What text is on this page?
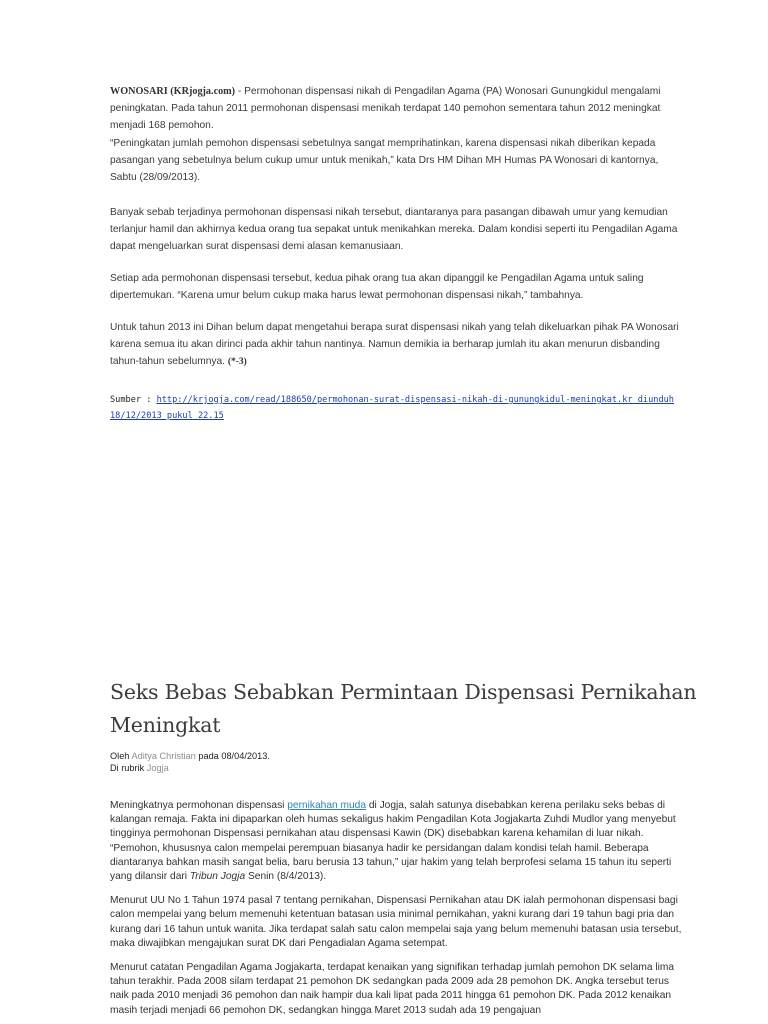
WONOSARI (KRjogja.com) - Permohonan dispensasi nikah di Pengadilan Agama (PA) Wonosari Gunungkidul mengalami peningkatan. Pada tahun 2011 permohonan dispensasi menikah terdapat 140 pemohon sementara tahun 2012 meningkat menjadi 168 pemohon.

“Peningkatan jumlah pemohon dispensasi sebetulnya sangat memprihatinkan, karena dispensasi nikah diberikan kepada pasangan yang sebetulnya belum cukup umur untuk menikah,” kata Drs HM Dihan MH Humas PA Wonosari di kantornya, Sabtu (28/09/2013).

Banyak sebab terjadinya permohonan dispensasi nikah tersebut, diantaranya para pasangan dibawah umur yang kemudian terlanjur hamil dan akhirnya kedua orang tua sepakat untuk menikahkan mereka. Dalam kondisi seperti itu Pengadilan Agama dapat mengeluarkan surat dispensasi demi alasan kemanusiaan.

Setiap ada permohonan dispensasi tersebut, kedua pihak orang tua akan dipanggil ke Pengadilan Agama untuk saling dipertemukan. “Karena umur belum cukup maka harus lewat permohonan dispensasi nikah,” tambahnya.

Untuk tahun 2013 ini Dihan belum dapat mengetahui berapa surat dispensasi nikah yang telah dikeluarkan pihak PA Wonosari karena semua itu akan dirinci pada akhir tahun nantinya. Namun demikia ia berharap jumlah itu akan menurun disbanding tahun-tahun sebelumnya. (*-3)

Sumber : http://krjogja.com/read/188650/permohonan-surat-dispensasi-nikah-di-gunungkidul-meningkat.kr diunduh 18/12/2013 pukul 22.15
Seks Bebas Sebabkan Permintaan Dispensasi Pernikahan Meningkat
Oleh Aditya Christian pada 08/04/2013.
Di rubrik Jogja

Meningkatnya permohonan dispensasi pernikahan muda di Jogja, salah satunya disebabkan kerena perilaku seks bebas di kalangan remaja. Fakta ini dipaparkan oleh humas sekaligus hakim Pengadilan Kota Jogjakarta Zuhdi Mudlor yang menyebut tingginya permohonan Dispensasi pernikahan atau dispensasi Kawin (DK) disebabkan karena kehamilan di luar nikah.

“Pemohon, khususnya calon mempelai perempuan biasanya hadir ke persidangan dalam kondisi telah hamil. Beberapa diantaranya bahkan masih sangat belia, baru berusia 13 tahun,” ujar hakim yang telah berprofesi selama 15 tahun itu seperti yang dilansir dari Tribun Jogja Senin (8/4/2013).

Menurut UU No 1 Tahun 1974 pasal 7 tentang pernikahan, Dispensasi Pernikahan atau DK ialah permohonan dispensasi bagi calon mempelai yang belum memenuhi ketentuan batasan usia minimal pernikahan, yakni kurang dari 19 tahun bagi pria dan kurang dari 16 tahun untuk wanita. Jika terdapat salah satu calon mempelai saja yang belum memenuhi batasan usia tersebut, maka diwajibkan mengajukan surat DK dari Pengadialan Agama setempat.

Menurut catatan Pengadilan Agama Jogjakarta, terdapat kenaikan yang signifikan terhadap jumlah pemohon DK selama lima tahun terakhir. Pada 2008 silam terdapat 21 pemohon DK sedangkan pada 2009 ada 28 pemohon DK. Angka tersebut terus naik pada 2010 menjadi 36 pemohon dan naik hampir dua kali lipat pada 2011 hingga 61 pemohon DK. Pada 2012 kenaikan masih terjadi menjadi 66 pemohon DK, sedangkan hingga Maret 2013 sudah ada 19 pengajuan
